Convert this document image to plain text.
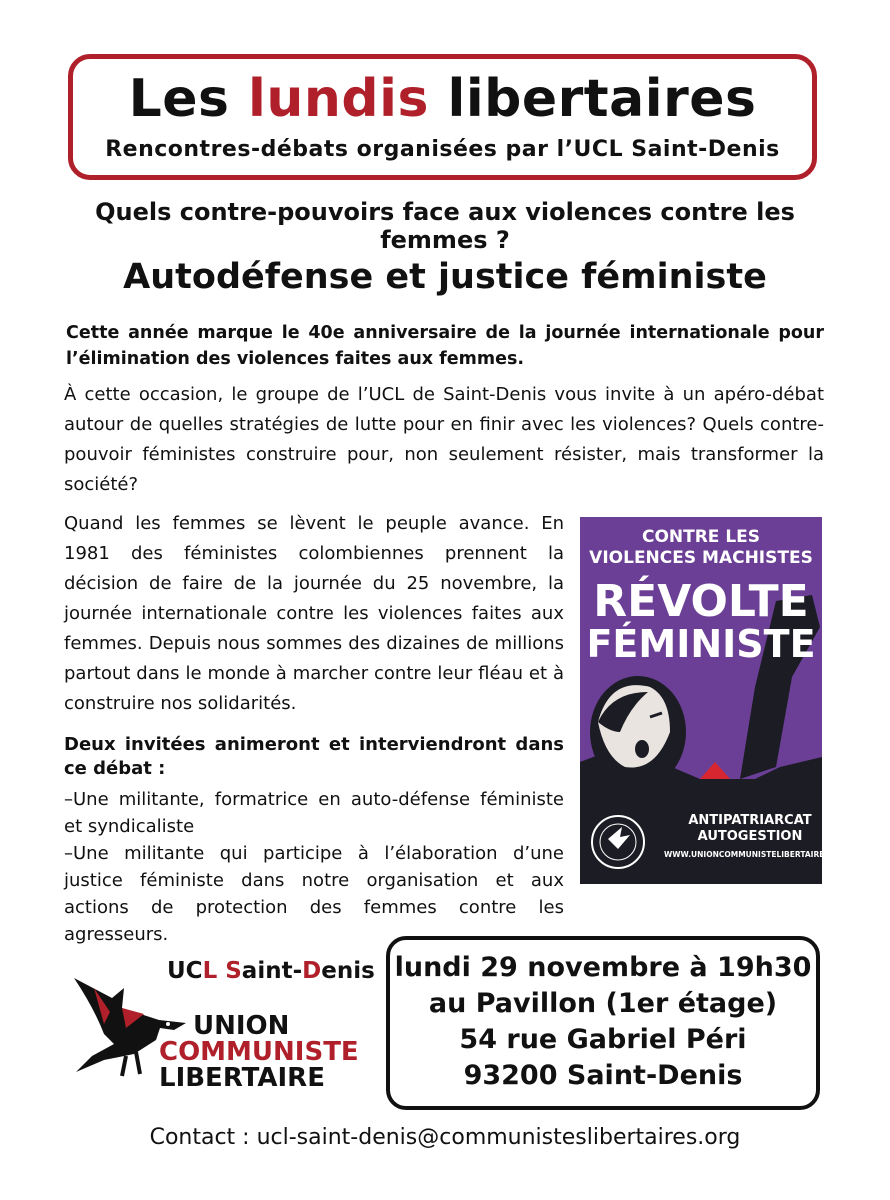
Les lundis libertaires
Rencontres-débats organisées par l’UCL Saint-Denis
Quels contre-pouvoirs face aux violences contre les femmes ?
Autodéfense et justice féministe
Cette année marque le 40e anniversaire de la journée internationale pour l’élimination des violences faites aux femmes.
À cette occasion, le groupe de l’UCL de Saint-Denis vous invite à un apéro-débat autour de quelles stratégies de lutte pour en finir avec les violences? Quels contre-pouvoir féministes construire pour, non seulement résister, mais transformer la société?
Quand les femmes se lèvent le peuple avance. En 1981 des féministes colombiennes prennent la décision de faire de la journée du 25 novembre, la journée internationale contre les violences faites aux femmes. Depuis nous sommes des dizaines de millions partout dans le monde à marcher contre leur fléau et à construire nos solidarités.
Deux invitées animeront et interviendront dans ce débat :
–Une militante, formatrice en auto-défense féministe et syndicaliste
–Une militante qui participe à l’élaboration d’une justice féministe dans notre organisation et aux actions de protection des femmes contre les agresseurs.
CONTRE LES
VIOLENCES MACHISTES
RÉVOLTE
FÉMINISTE
ANTIPATRIARCAT
AUTOGESTION
WWW.UNIONCOMMUNISTELIBERTAIRE.ORG
UCL Saint-Denis
UNION
COMMUNISTE
LIBERTAIRE
lundi 29 novembre à 19h30
au Pavillon (1er étage)
54 rue Gabriel Péri
93200 Saint-Denis
Contact : ucl-saint-denis@communisteslibertaires.org
